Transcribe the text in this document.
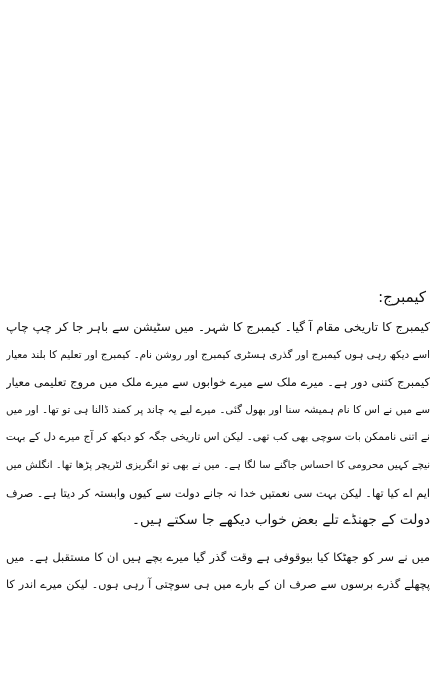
کیمبرج:
کیمبرج کا تاریخی مقام آ گیا۔ کیمبرج کا شہر۔ میں سٹیشن سے باہر جا کر چپ چاپ
اسے دیکھ رہی ہوں کیمبرج اور گذری ہسٹری کیمبرج اور روشن نام۔ کیمبرج اور تعلیم کا بلند معیار
کیمبرج کتنی دور ہے۔ میرے ملک سے میرے خوابوں سے میرے ملک میں مروج تعلیمی معیار
سے میں نے اس کا نام ہمیشہ سنا اور بھول گئی۔ میرے لیے یہ چاند پر کمند ڈالنا ہی تو تھا۔ اور میں
نے اتنی ناممکن بات سوچی بھی کب تھی۔ لیکن اس تاریخی جگہ کو دیکھ کر آج میرے دل کے بہت
نیچے کہیں محرومی کا احساس جاگنے سا لگا ہے۔ میں نے بھی تو انگریزی لٹریچر پڑھا تھا۔ انگلش میں
ایم اے کیا تھا۔ لیکن بہت سی نعمتیں خدا نہ جانے دولت سے کیوں وابستہ کر دیتا ہے۔ صرف
دولت کے جھنڈے تلے بعض خواب دیکھے جا سکتے ہیں۔
میں نے سر کو جھٹکا کیا بیوقوفی ہے وقت گذر گیا میرے بچے ہیں ان کا مستقبل ہے۔ میں
پچھلے گذرے برسوں سے صرف ان کے بارے میں ہی سوچتی آ رہی ہوں۔ لیکن میرے اندر کا
